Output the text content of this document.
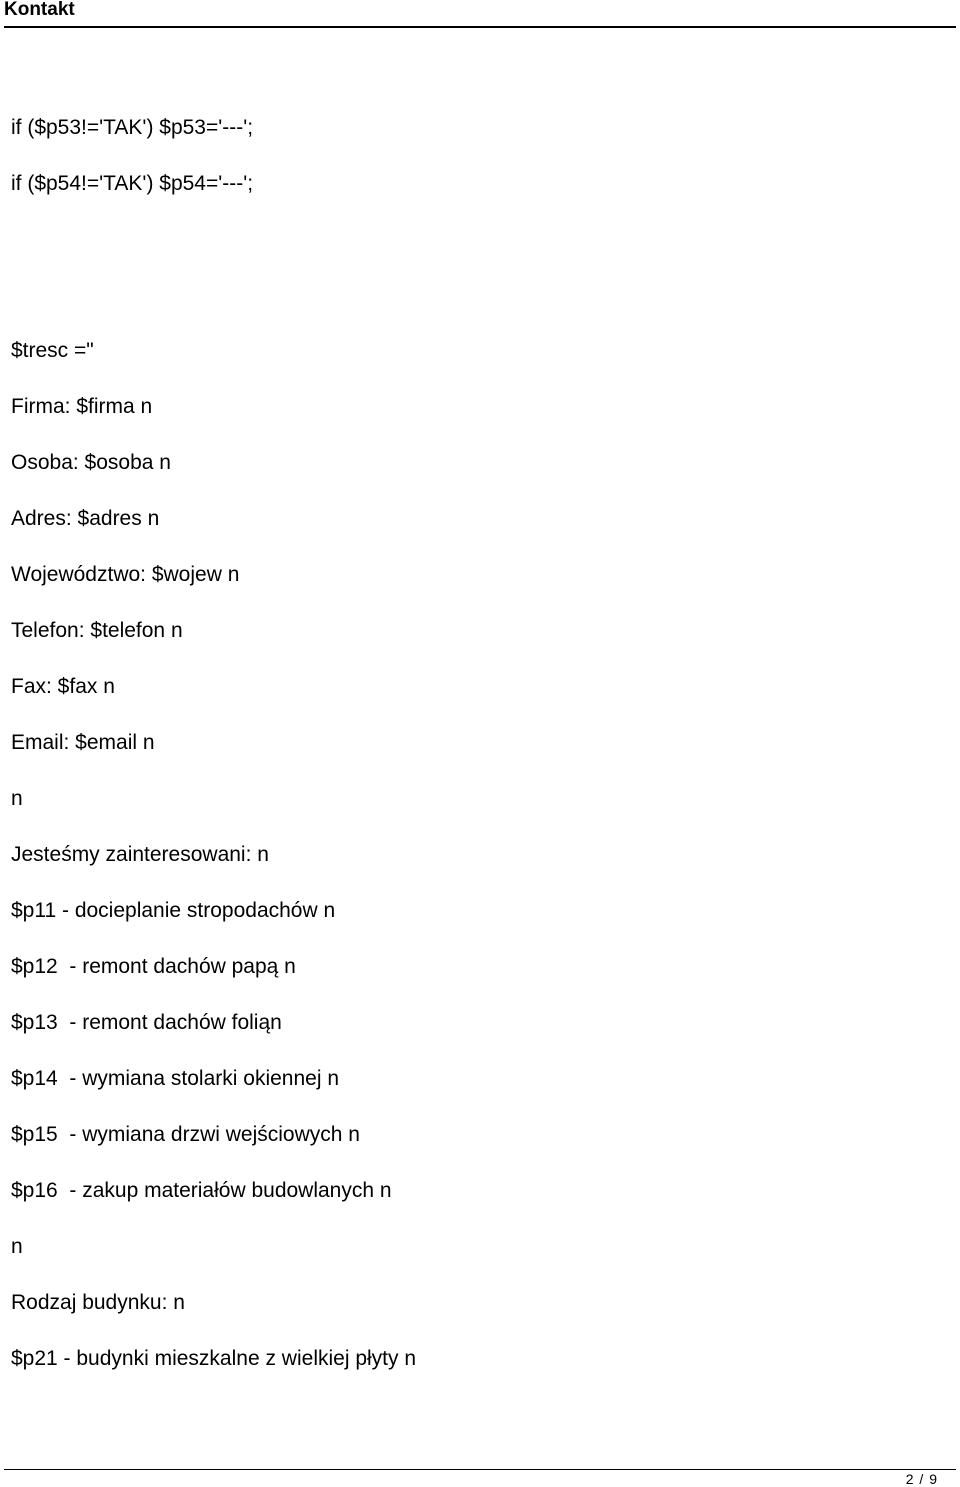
Kontakt
if ($p53!='TAK') $p53='---';
if ($p54!='TAK') $p54='---';
$tresc ="
Firma: $firma n
Osoba: $osoba n
Adres: $adres n
Województwo: $wojew n
Telefon: $telefon n
Fax: $fax n
Email: $email n
n
Jesteśmy zainteresowani: n
$p11 - docieplanie stropodachów n
$p12  - remont dachów papą n
$p13  - remont dachów foliąn
$p14  - wymiana stolarki okiennej n
$p15  - wymiana drzwi wejściowych n
$p16  - zakup materiałów budowlanych n
n
Rodzaj budynku: n
$p21 - budynki mieszkalne z wielkiej płyty n
2 / 9
